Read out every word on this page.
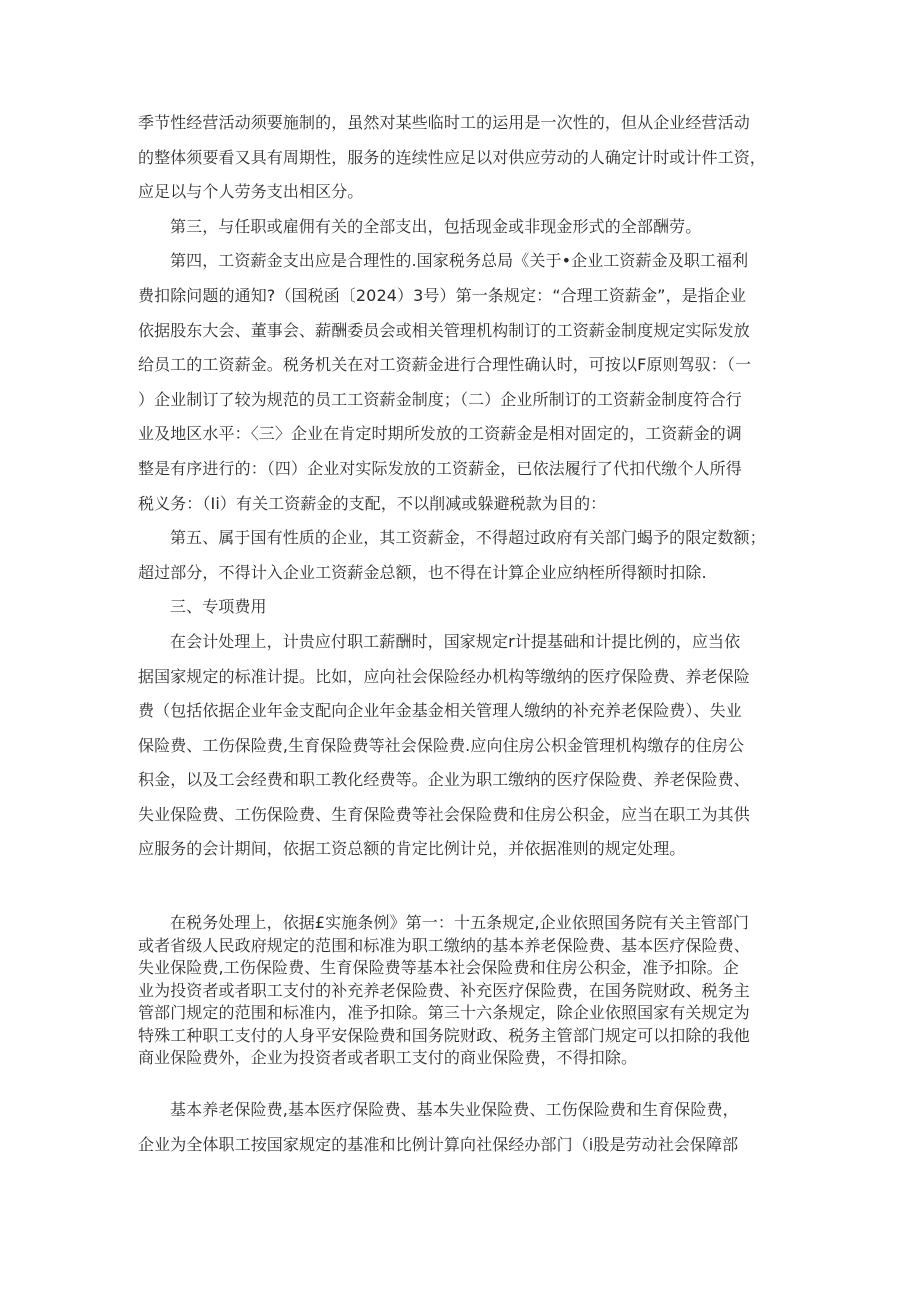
季节性经营活动须要施制的，虽然对某些临时工的运用是一次性的，但从企业经营活动
的整体须要看又具有周期性，服务的连续性应足以对供应劳动的人确定计时或计件工资，
应足以与个人劳务支出相区分。

第三，与任职或雇佣有关的全部支出，包括现金或非现金形式的全部酬劳。

第四，工资薪金支出应是合理性的.国家税务总局《关于•企业工资薪金及职工福利
费扣除问题的通知?（国税函〔2024）3号）第一条规定：“合理工资薪金”，是指企业
依据股东大会、董事会、薪酬委员会或相关管理机构制订的工资薪金制度规定实际发放
给员工的工资薪金。税务机关在对工资薪金进行合理性确认时，可按以F原则驾驭：（一
）企业制订了较为规范的员工工资薪金制度；（二）企业所制订的工资薪金制度符合行
业及地区水平：〈三〉企业在肯定时期所发放的工资薪金是相对固定的，工资薪金的调
整是有序进行的：（四）企业对实际发放的工资薪金，已依法履行了代扣代缴个人所得
税义务：（Ii）有关工资薪金的支配，不以削减或躲避税款为目的：

第五、属于国有性质的企业，其工资薪金，不得超过政府有关部门蝎予的限定数额；
超过部分，不得计入企业工资薪金总额，也不得在计算企业应纳桎所得额时扣除.

三、专项费用

在会计处理上，计贵应付职工薪酬时，国家规定r计提基础和计提比例的，应当依
据国家规定的标准计提。比如，应向社会保险经办机构等缴纳的医疗保险费、养老保险
费（包括依据企业年金支配向企业年金基金相关管理人缴纳的补充养老保险费）、失业
保险费、工伤保险费,生育保险费等社会保险费.应向住房公枳金管理机构缴存的住房公
积金，以及工会经费和职工教化经费等。企业为职工缴纳的医疗保险费、养老保险费、
失业保险费、工伤保险费、生育保险费等社会保险费和住房公积金，应当在职工为其供
应服务的会计期间，依据工资总额的肯定比例计兑，并依据准则的规定处理。

在税务处理上，依据£实施条例》第一：十五条规定,企业依照国务院有关主管部门
或者省级人民政府规定的范围和标准为职工缴纳的基本养老保险费、基本医疗保险费、
失业保险费,工伤保险费、生育保险费等基本社会保险费和住房公积金，准予扣除。企
业为投资者或者职工支付的补充养老保险费、补充医疗保险费，在国务院财政、税务主
管部门规定的范围和标准内，准予扣除。第三十六条规定，除企业依照国家有关规定为
特殊工种职工支付的人身平安保险费和国务院财政、税务主管部门规定可以扣除的我他
商业保险费外，企业为投资者或者职工支付的商业保险费，不得扣除。

基本养老保险费,基本医疗保险费、基本失业保险费、工伤保险费和生育保险费，
企业为全体职工按国家规定的基准和比例计算向社保经办部门（i股是劳动社会保障部
